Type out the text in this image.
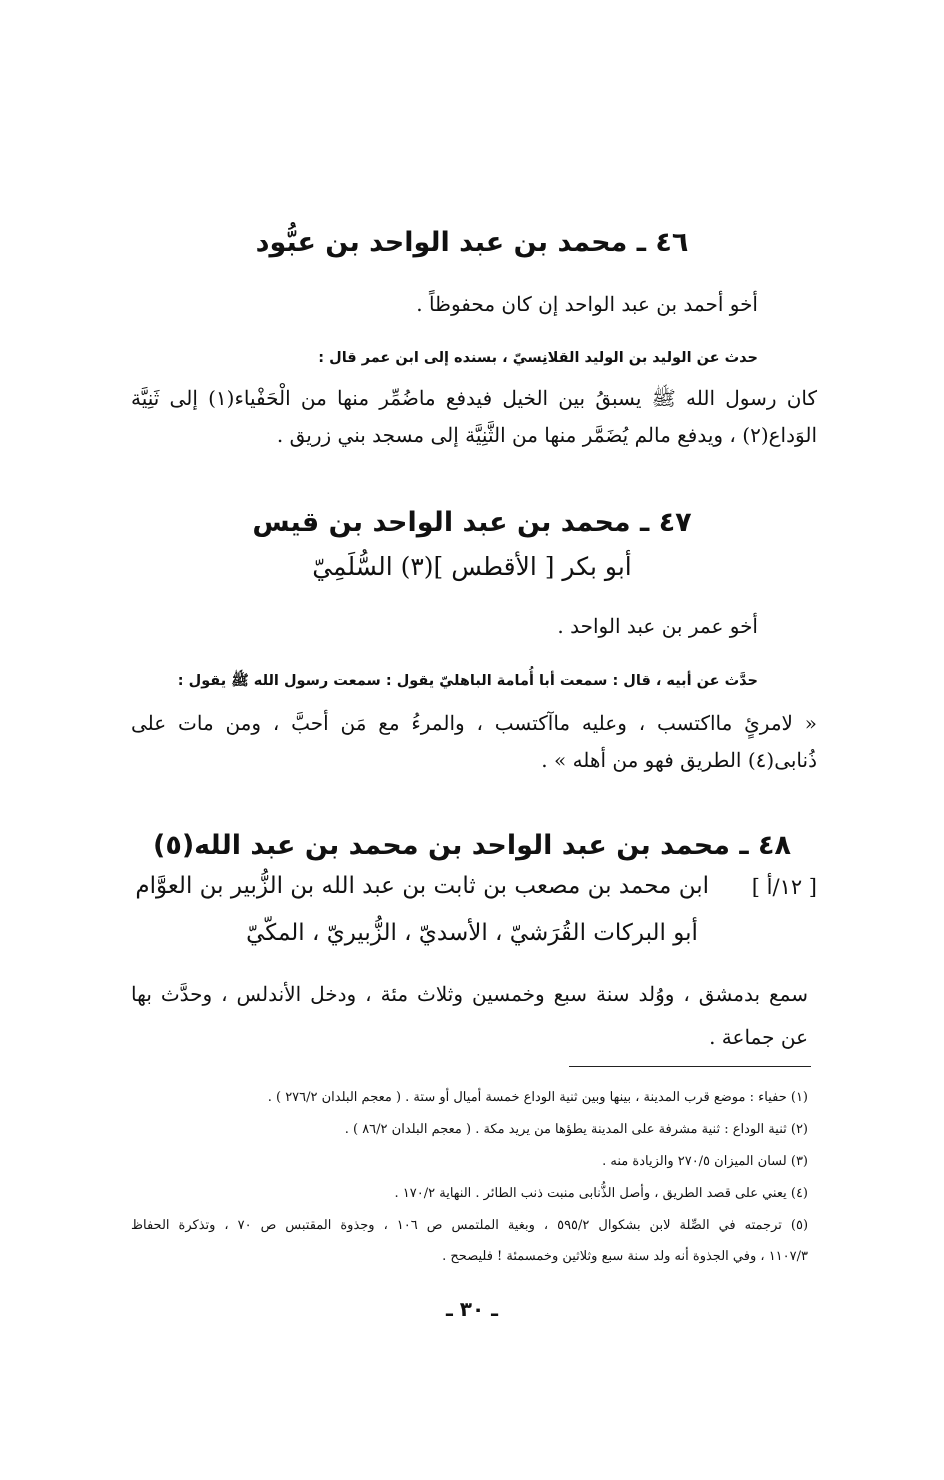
٤٦ ـ محمد بن عبد الواحد بن عبُّود
أخو أحمد بن عبد الواحد إن كان محفوظاً .
حدث عن الوليد بن الوليد القلانِسيّ ، بسنده إلى ابن عمر قال :
كان رسول الله ﷺ يسبقُ بين الخيل فيدفع ماضُمِّر منها من الْحَفْياء(١) إلى ثَنِيَّة
الوَداع(٢) ، ويدفع مالم يُضَمَّر منها من الثَّنِيَّة إلى مسجد بني زريق .
٤٧ ـ محمد بن عبد الواحد بن قيس
أبو بكر [ الأقطس ](٣) السُّلَمِيّ
أخو عمر بن عبد الواحد .
حدَّث عن أبيه ، قال : سمعت أبا أُمامة الباهليّ يقول : سمعت رسول الله ﷺ يقول :
« لامرئٍ مااكتسب ، وعليه ماآكتسب ، والمرءُ مع مَن أحبَّ ، ومن مات على
ذُنابى(٤) الطريق فهو من أهله » .
٤٨ ـ محمد بن عبد الواحد بن محمد بن عبد الله(٥)
[ ١٢/أ ]
ابن محمد بن مصعب بن ثابت بن عبد الله بن الزُّبير بن العوَّام
أبو البركات القُرَشيّ ، الأسديّ ، الزُّبيريّ ، المكّيّ
سمع بدمشق ، ووُلد سنة سبع وخمسين وثلاث مئة ، ودخل الأندلس ، وحدَّث بها
عن جماعة .
(١) حفياء : موضع قرب المدينة ، بينها وبين ثنية الوداع خمسة أميال أو ستة . ( معجم البلدان ٢٧٦/٢ ) .
(٢) ثنية الوداع : ثنية مشرفة على المدينة يطؤها من يريد مكة . ( معجم البلدان ٨٦/٢ ) .
(٣) لسان الميزان ٢٧٠/٥ والزيادة منه .
(٤) يعني على قصد الطريق ، وأصل الذُّنابى منبت ذنب الطائر . النهاية ١٧٠/٢ .
(٥) ترجمته في الصِّلة لابن بشكوال ٥٩٥/٢ ، وبغية الملتمس ص ١٠٦ ، وجذوة المقتبس ص ٧٠ ، وتذكرة الحفاظ
١١٠٧/٣ ، وفي الجذوة أنه ولد سنة سبع وثلاثين وخمسمئة ! فليصحح .
ـ ٣٠ ـ
